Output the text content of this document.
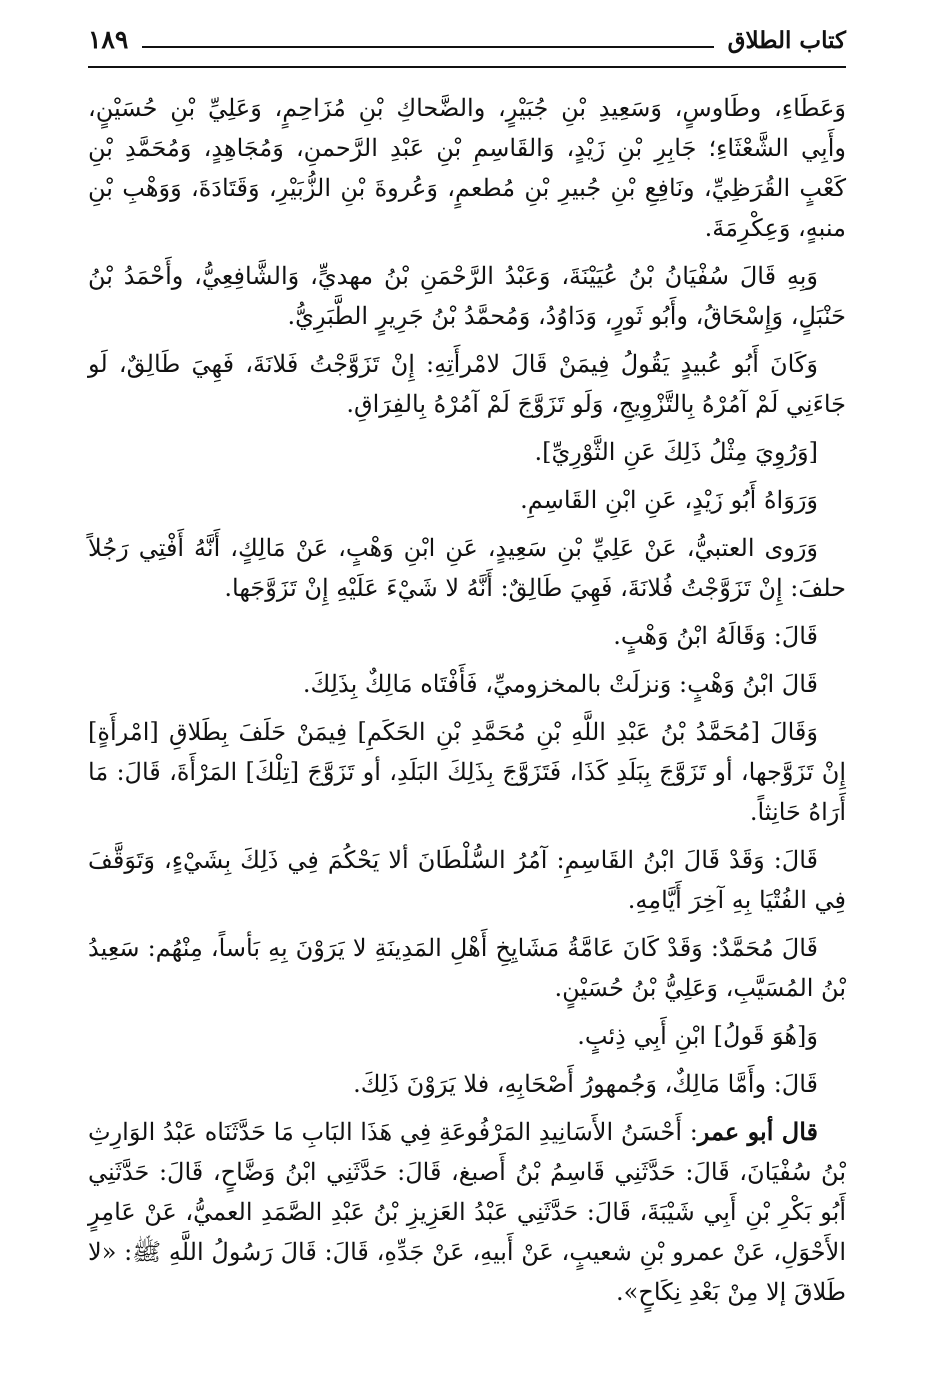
كتاب الطلاق
١٨٩

وَعَطَاءِ، وطَاوسٍ، وَسَعِيدِ بْنِ جُبَيْرٍ، والضَّحاكِ بْنِ مُزَاحِمٍ، وَعَلِيِّ بْنِ حُسَيْنٍ، وأَبِي الشَّعْثَاءِ؛ جَابِرِ بْنِ زَيْدٍ، وَالقَاسِمِ بْنِ عَبْدِ الرَّحمنِ، وَمُجَاهِدٍ، وَمُحَمَّدِ بْنِ كَعْبٍ القُرَظِيِّ، ونَافِعِ بْنِ جُبيرِ بْنِ مُطعمٍ، وَعُروةَ بْنِ الزُّبَيْرِ، وَقَتَادَةَ، وَوَهْبِ بْنِ منبهٍ، وَعِكْرِمَةَ.

وَبِهِ قَالَ سُفْيَانُ بْنُ عُيَيْنَةَ، وَعَبْدُ الرَّحْمَنِ بْنُ مهديٍّ، وَالشَّافِعِيُّ، وأَحْمَدُ بْنُ حَنْبَلٍ، وَإِسْحَاقُ، وأَبُو ثَورٍ، وَدَاوُدُ، وَمُحمَّدُ بْنُ جَرِيرٍ الطَّبَرِيُّ.

وَكَانَ أَبُو عُبيدٍ يَقُولُ فِيمَنْ قَالَ لامْرأَتِهِ: إِنْ تَزَوَّجْتُ فَلانَةَ، فَهِيَ طَالِقٌ، لَو جَاءَنِي لَمْ آمُرْهُ بِالتَّزْوِيجِ، وَلَو تَزَوَّجَ لَمْ آمُرْهُ بِالفِرَاقِ.

[وَرُوِيَ مِثْلُ ذَلِكَ عَنِ الثَّوْرِيِّ].

وَرَوَاهُ أَبُو زَيْدٍ، عَنِ ابْنِ القَاسِمِ.

وَرَوى العتبيُّ، عَنْ عَلِيِّ بْنِ سَعِيدٍ، عَنِ ابْنِ وَهْبٍ، عَنْ مَالِكٍ، أَنَّهُ أَفْتِي رَجُلاً حلفَ: إِنْ تَزَوَّجْتُ فُلانَةَ، فَهِيَ طَالِقٌ: أَنَّهُ لا شَيْءَ عَلَيْهِ إِنْ تَزَوَّجَها.

قَالَ: وَقَالَهُ ابْنُ وَهْبٍ.

قَالَ ابْنُ وَهْبٍ: وَنزلَتْ بالمخزوميِّ، فَأَفْتَاه مَالِكٌ بِذَلِكَ.

وَقَالَ [مُحَمَّدُ بْنُ عَبْدِ اللَّهِ بْنِ مُحَمَّدِ بْنِ الحَكَمِ] فِيمَنْ حَلَفَ بِطَلاقِ [امْرأَةٍ] إِنْ تَزَوَّجها، أو تَزَوَّجَ بِبَلَدِ كَذَا، فَتَزَوَّجَ بِذَلِكَ البَلَدِ، أو تَزَوَّجَ [تِلْكَ] المَرْأَةَ، قَالَ: مَا أَرَاهُ حَانِثاً.

قَالَ: وَقَدْ قَالَ ابْنُ القَاسِمِ: آمُرُ السُّلْطَانَ ألا يَحْكُمَ فِي ذَلِكَ بِشَيْءٍ، وَتَوَقَّفَ فِي الفُتْيَا بِهِ آخِرَ أَيَّامِهِ.

قَالَ مُحَمَّدٌ: وَقَدْ كَانَ عَامَّةُ مَشَايِخِ أَهْلِ المَدِينَةِ لا يَرَوْنَ بِهِ بَأساً، مِنْهُم: سَعِيدُ بْنُ المُسَيَّبِ، وَعَلِيُّ بْنُ حُسَيْنٍ.

وَ[هُوَ قَولُ] ابْنِ أَبِي ذِئبٍ.

قَالَ: وأَمَّا مَالِكٌ، وَجُمهورُ أَصْحَابِهِ، فلا يَرَوْنَ ذَلِكَ.

قال أبو عمر: أَحْسَنُ الأَسَانِيدِ المَرْفُوعَةِ فِي هَذَا البَابِ مَا حَدَّثَنَاه عَبْدُ الوَارِثِ بْنُ سُفْيَانَ، قَالَ: حَدَّثَنِي قَاسِمُ بْنُ أَصبغ، قَالَ: حَدَّثَنِي ابْنُ وَضَّاحٍ، قَالَ: حَدَّثَنِي أَبُو بَكْرِ بْنِ أَبِي شَيْبَةَ، قَالَ: حَدَّثَنِي عَبْدُ العَزِيزِ بْنُ عَبْدِ الصَّمَدِ العميُّ، عَنْ عَامِرٍ الأَحْوَلِ، عَنْ عمرو بْنِ شعيبٍ، عَنْ أَبيهِ، عَنْ جَدِّهِ، قَالَ: قَالَ رَسُولُ اللَّهِ ﷺ: «لا طَلاقَ إلا مِنْ بَعْدِ نِكَاحٍ».
